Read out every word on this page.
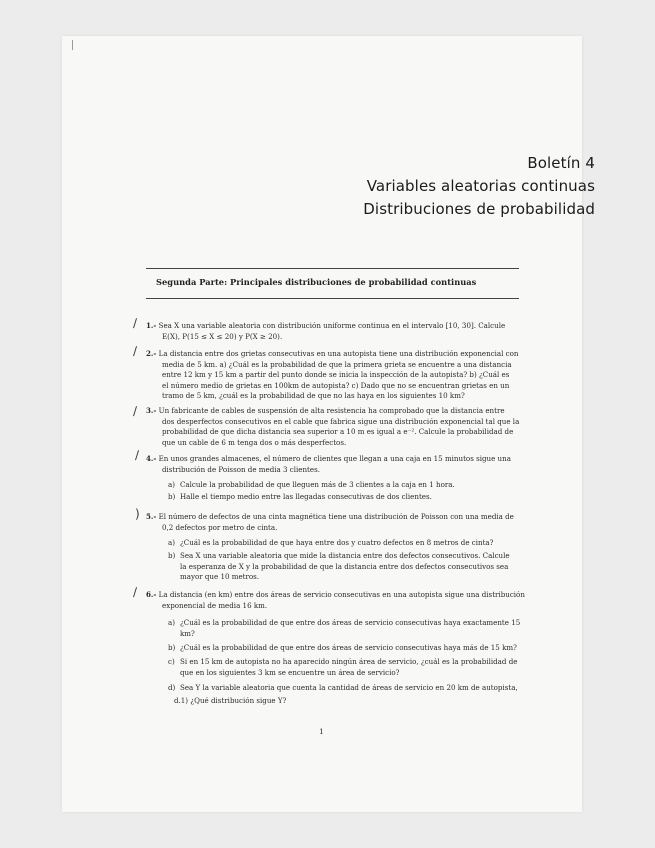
Boletín 4
Variables aleatorias continuas
Distribuciones de probabilidad
Segunda Parte: Principales distribuciones de probabilidad continuas
∕ 1.- Sea X una variable aleatoria con distribución uniforme continua en el intervalo [10, 30]. Calcule

E(X), P(15 ≤ X ≤ 20) y P(X ≥ 20).

∕ 2.- La distancia entre dos grietas consecutivas en una autopista tiene una distribución exponencial con

media de 5 km. a) ¿Cuál es la probabilidad de que la primera grieta se encuentre a una distancia

entre 12 km y 15 km a partir del punto donde se inicia la inspección de la autopista? b) ¿Cuál es

el número medio de grietas en 100km de autopista? c) Dado que no se encuentran grietas en un

tramo de 5 km, ¿cuál es la probabilidad de que no las haya en los siguientes 10 km?

∕ 3.- Un fabricante de cables de suspensión de alta resistencia ha comprobado que la distancia entre

dos desperfectos consecutivos en el cable que fabrica sigue una distribución exponencial tal que la

probabilidad de que dicha distancia sea superior a 10 m es igual a e⁻². Calcule la probabilidad de

que un cable de 6 m tenga dos o más desperfectos.

∕ 4.- En unos grandes almacenes, el número de clientes que llegan a una caja en 15 minutos sigue una

distribución de Poisson de media 3 clientes.

a) Calcule la probabilidad de que lleguen más de 3 clientes a la caja en 1 hora.
b) Halle el tiempo medio entre las llegadas consecutivas de dos clientes.
) 5.- El número de defectos de una cinta magnética tiene una distribución de Poisson con una media de

0,2 defectos por metro de cinta.

a) ¿Cuál es la probabilidad de que haya entre dos y cuatro defectos en 8 metros de cinta?
b) Sea X una variable aleatoria que mide la distancia entre dos defectos consecutivos. Calcule
la esperanza de X y la probabilidad de que la distancia entre dos defectos consecutivos sea
mayor que 10 metros.
∕ 6.- La distancia (en km) entre dos áreas de servicio consecutivas en una autopista sigue una distribución

exponencial de media 16 km.

a) ¿Cuál es la probabilidad de que entre dos áreas de servicio consecutivas haya exactamente 15
km?
b) ¿Cuál es la probabilidad de que entre dos áreas de servicio consecutivas haya más de 15 km?
c) Si en 15 km de autopista no ha aparecido ningún área de servicio, ¿cuál es la probabilidad de
que en los siguientes 3 km se encuentre un área de servicio?
d) Sea Y la variable aleatoria que cuenta la cantidad de áreas de servicio en 20 km de autopista,
d.1) ¿Qué distribución sigue Y?
1
